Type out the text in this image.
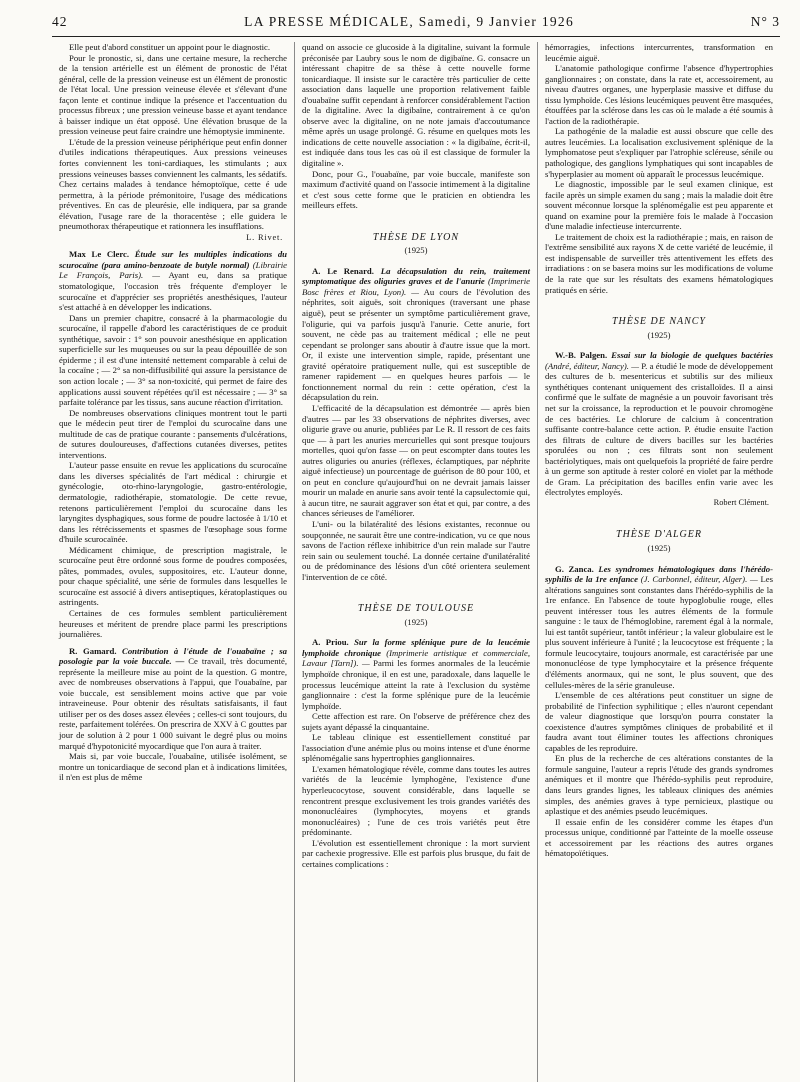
42	LA PRESSE MÉDICALE, Samedi, 9 Janvier 1926	N° 3

Elle peut d'abord constituer un appoint pour le diagnostic.

Pour le pronostic, si, dans une certaine mesure, la recherche de la tension artérielle est un élément de pronostic de l'état général, celle de la pression veineuse est un élément de pronostic de l'état local. Une pression veineuse élevée et s'élevant d'une façon lente et continue indique la présence et l'accentuation du processus fibreux ; une pression veineuse basse et ayant tendance à baisser indique un état opposé. Une élévation brusque de la pression veineuse peut faire craindre une hémoptysie imminente.

L'étude de la pression veineuse périphérique peut enfin donner d'utiles indications thérapeutiques. Aux pressions veineuses fortes conviennent les toni-cardiaques, les stimulants ; aux pressions veineuses basses conviennent les calmants, les sédatifs. Chez certains malades à tendance hémoptoïque, cette é ude permettra, à la période prémonitoire, l'usage des médications préventives. En cas de pleurésie, elle indiquera, par sa grande élévation, l'usage rare de la thoracentèse ; elle guidera le pneumothorax thérapeutique et rationnera les insufflations.

L. Rivet.

Max Le Clerc. Étude sur les multiples indications du scurocaïne (para amino-benzoate de butyle normal) (Librairie Le François, Paris). — Ayant eu, dans sa pratique stomatologique, l'occasion très fréquente d'employer le scurocaïne et d'apprécier ses propriétés anesthésiques, l'auteur s'est attaché à en développer les indications.

Dans un premier chapitre, consacré à la pharmacologie du scurocaïne, il rappelle d'abord les caractéristiques de ce produit synthétique, savoir : 1° son pouvoir anesthésique en application superficielle sur les muqueuses ou sur la peau dépouillée de son épiderme ; il est d'une intensité nettement comparable à celui de la cocaïne ; — 2° sa non-diffusibilité qui assure la persistance de son action locale ; — 3° sa non-toxicité, qui permet de faire des applications aussi souvent répétées qu'il est nécessaire ; — 3° sa parfaite tolérance par les tissus, sans aucune réaction d'irritation.

De nombreuses observations cliniques montrent tout le parti que le médecin peut tirer de l'emploi du scurocaïne dans une multitude de cas de pratique courante : pansements d'ulcérations, de sutures douloureuses, d'affections cutanées diverses, petites interventions.

L'auteur passe ensuite en revue les applications du scurocaïne dans les diverses spécialités de l'art médical : chirurgie et gynécologie, oto-rhino-laryngologie, gastro-entérologie, dermatologie, radiothérapie, stomatologie. De cette revue, retenons particulièrement l'emploi du scurocaïne dans les laryngites dysphagiques, sous forme de poudre lactosée à 1/10 et dans les rétrécissements et spasmes de l'œsophage sous forme d'huile scurocaïnée.

Médicament chimique, de prescription magistrale, le scurocaïne peut être ordonné sous forme de poudres composées, pâtes, pommades, ovules, suppositoires, etc. L'auteur donne, pour chaque spécialité, une série de formules dans lesquelles le scurocaïne est associé à divers antiseptiques, kératoplastiques ou astringents.

Certaines de ces formules semblent particulièrement heureuses et méritent de prendre place parmi les prescriptions journalières.

R. Gamard. Contribution à l'étude de l'ouabaïne ; sa posologie par la voie buccale. — Ce travail, très documenté, représente la meilleure mise au point de la question. G montre, avec de nombreuses observations à l'appui, que l'ouabaïne, par voie buccale, est sensiblement moins active que par voie intraveineuse. Pour obtenir des résultats satisfaisants, il faut utiliser per os des doses assez élevées ; celles-ci sont toujours, du reste, parfaitement tolérées. On prescrira de XXV à C gouttes par jour de solution à 2 pour 1 000 suivant le degré plus ou moins marqué d'hypotonicité myocardique que l'on aura à traiter.

Mais si, par voie buccale, l'ouabaïne, utilisée isolément, se montre un tonicardiaque de second plan et à indications limitées, il n'en est plus de même

quand on associe ce glucoside à la digitaline, suivant la formule préconisée par Laubry sous le nom de digibaïne. G. consacre un intéressant chapitre de sa thèse à cette nouvelle forme tonicardiaque. Il insiste sur le caractère très particulier de cette association dans laquelle une proportion relativement faible d'ouabaïne suffit cependant à renforcer considérablement l'action de la digitaline. Avec la digibaïne, contrairement à ce qu'on observe avec la digitaline, on ne note jamais d'accoutumance même après un usage prolongé. G. résume en quelques mots les indications de cette nouvelle association : « la digibaïne, écrit-il, est indiquée dans tous les cas où il est classique de formuler la digitaline ».

Donc, pour G., l'ouabaïne, par voie buccale, manifeste son maximum d'activité quand on l'associe intimement à la digitaline et c'est sous cette forme que le praticien en obtiendra les meilleurs effets.

THÈSE DE LYON
(1925)

A. Le Renard. La décapsulation du rein, traitement symptomatique des oliguries graves et de l'anurie (Imprimerie Bosc frères et Riou, Lyon). — Au cours de l'évolution des néphrites, soit aiguës, soit chroniques (traversant une phase aiguë), peut se présenter un symptôme particulièrement grave, l'oligurie, qui va parfois jusqu'à l'anurie. Cette anurie, fort souvent, ne cède pas au traitement médical ; elle ne peut cependant se prolonger sans aboutir à d'autre issue que la mort. Or, il existe une intervention simple, rapide, présentant une gravité opératoire pratiquement nulle, qui est susceptible de ramener rapidement — en quelques heures parfois — le fonctionnement normal du rein : cette opération, c'est la décapsulation du rein.

L'efficacité de la décapsulation est démontrée — après bien d'autres — par les 33 observations de néphrites diverses, avec oligurie grave ou anurie, publiées par Le R. Il ressort de ces faits que — à part les anuries mercurielles qui sont presque toujours mortelles, quoi qu'on fasse — on peut escompter dans toutes les autres oliguries ou anuries (réflexes, éclamptiques, par néphrite aiguë infectieuse) un pourcentage de guérison de 80 pour 100, et on peut en conclure qu'aujourd'hui on ne devrait jamais laisser mourir un malade en anurie sans avoir tenté la capsulectomie qui, à aucun titre, ne saurait aggraver son état et qui, par contre, a des chances sérieuses de l'améliorer.

L'uni- ou la bilatéralité des lésions existantes, reconnue ou soupçonnée, ne saurait être une contre-indication, vu ce que nous savons de l'action réflexe inhibitrice d'un rein malade sur l'autre rein sain ou seulement touché. La donnée certaine d'unilatéralité ou de prédominance des lésions d'un côté orientera seulement l'intervention de ce côté.

THÈSE DE TOULOUSE
(1925)

A. Priou. Sur la forme splénique pure de la leucémie lymphoïde chronique (Imprimerie artistique et commerciale, Lavaur [Tarn]). — Parmi les formes anormales de la leucémie lymphoïde chronique, il en est une, paradoxale, dans laquelle le processus leucémique atteint la rate à l'exclusion du système ganglionnaire : c'est la forme splénique pure de la leucémie lymphoïde.

Cette affection est rare. On l'observe de préférence chez des sujets ayant dépassé la cinquantaine.

Le tableau clinique est essentiellement constitué par l'association d'une anémie plus ou moins intense et d'une énorme splénomégalie sans hypertrophies ganglionnaires.

L'examen hématologique révèle, comme dans toutes les autres variétés de la leucémie lymphogène, l'existence d'une hyperleucocytose, souvent considérable, dans laquelle se rencontrent presque exclusivement les trois grandes variétés des mononucléaires (lymphocytes, moyens et grands mononucléaires) ; l'une de ces trois variétés peut être prédominante.

L'évolution est essentiellement chronique : la mort survient par cachexie progressive. Elle est parfois plus brusque, du fait de certaines complications :

hémorragies, infections intercurrentes, transformation en leucémie aiguë.

L'anatomie pathologique confirme l'absence d'hypertrophies ganglionnaires ; on constate, dans la rate et, accessoirement, au niveau d'autres organes, une hyperplasie massive et diffuse du tissu lymphoïde. Ces lésions leucémiques peuvent être masquées, étouffées par la sclérose dans les cas où le malade a été soumis à l'action de la radiothérapie.

La pathogénie de la maladie est aussi obscure que celle des autres leucémies. La localisation exclusivement splénique de la lymphomatose peut s'expliquer par l'atrophie scléreuse, sénile ou pathologique, des ganglions lymphatiques qui sont incapables de s'hyperplasier au moment où apparaît le processus leucémique.

Le diagnostic, impossible par le seul examen clinique, est facile après un simple examen du sang ; mais la maladie doit être souvent méconnue lorsque la splénomégalie est peu apparente et quand on examine pour la première fois le malade à l'occasion d'une maladie infectieuse intercurrente.

Le traitement de choix est la radiothérapie ; mais, en raison de l'extrême sensibilité aux rayons X de cette variété de leucémie, il est indispensable de surveiller très attentivement les effets des irradiations : on se basera moins sur les modifications de volume de la rate que sur les résultats des examens hématologiques pratiqués en série.

THÈSE DE NANCY
(1925)

W.-B. Palgen. Essai sur la biologie de quelques bactéries (André, éditeur, Nancy). — P. a étudié le mode de développement des cultures de b. mesentericus et subtilis sur des milieux synthétiques contenant uniquement des cristalloïdes. Il a ainsi confirmé que le sulfate de magnésie a un pouvoir favorisant très net sur la croissance, la reproduction et le pouvoir chromogène de ces bactéries. Le chlorure de calcium à concentration suffisante contre-balance cette action. P. étudie ensuite l'action des filtrats de culture de divers bacilles sur les bactéries sporulées ou non ; ces filtrats sont non seulement bactériolytiques, mais ont quelquefois la propriété de faire perdre à un germe son aptitude à rester coloré en violet par la méthode de Gram. La précipitation des bacilles enfin varie avec les électrolytes employés.

Robert Clément.
THÈSE D'ALGER
(1925)

G. Zanca. Les syndromes hématologiques dans l'hérédo-syphilis de la 1re enfance (J. Carbonnel, éditeur, Alger). — Les altérations sanguines sont constantes dans l'hérédo-syphilis de la 1re enfance. En l'absence de toute hypoglobulie rouge, elles peuvent intéresser tous les autres éléments de la formule sanguine : le taux de l'hémoglobine, rarement égal à la normale, lui est tantôt supérieur, tantôt inférieur ; la valeur globulaire est le plus souvent inférieure à l'unité ; la leucocytose est fréquente ; la formule leucocytaire, toujours anormale, est caractérisée par une mononucléose de type lymphocytaire et la présence fréquente d'éléments anormaux, qui ne sont, le plus souvent, que des cellules-mères de la série granuleuse.

L'ensemble de ces altérations peut constituer un signe de probabilité de l'infection syphilitique ; elles n'auront cependant de valeur diagnostique que lorsqu'on pourra constater la coexistence d'autres symptômes cliniques de probabilité et il faudra avant tout éliminer toutes les affections chroniques capables de les reproduire.

En plus de la recherche de ces altérations constantes de la formule sanguine, l'auteur a repris l'étude des grands syndromes anémiques et il montre que l'hérédo-syphilis peut reproduire, dans leurs grandes lignes, les tableaux cliniques des anémies simples, des anémies graves à type pernicieux, plastique ou aplastique et des anémies pseudo leucémiques.

Il essaie enfin de les considérer comme les étapes d'un processus unique, conditionné par l'atteinte de la moelle osseuse et accessoirement par les réactions des autres organes hématopoïétiques.
